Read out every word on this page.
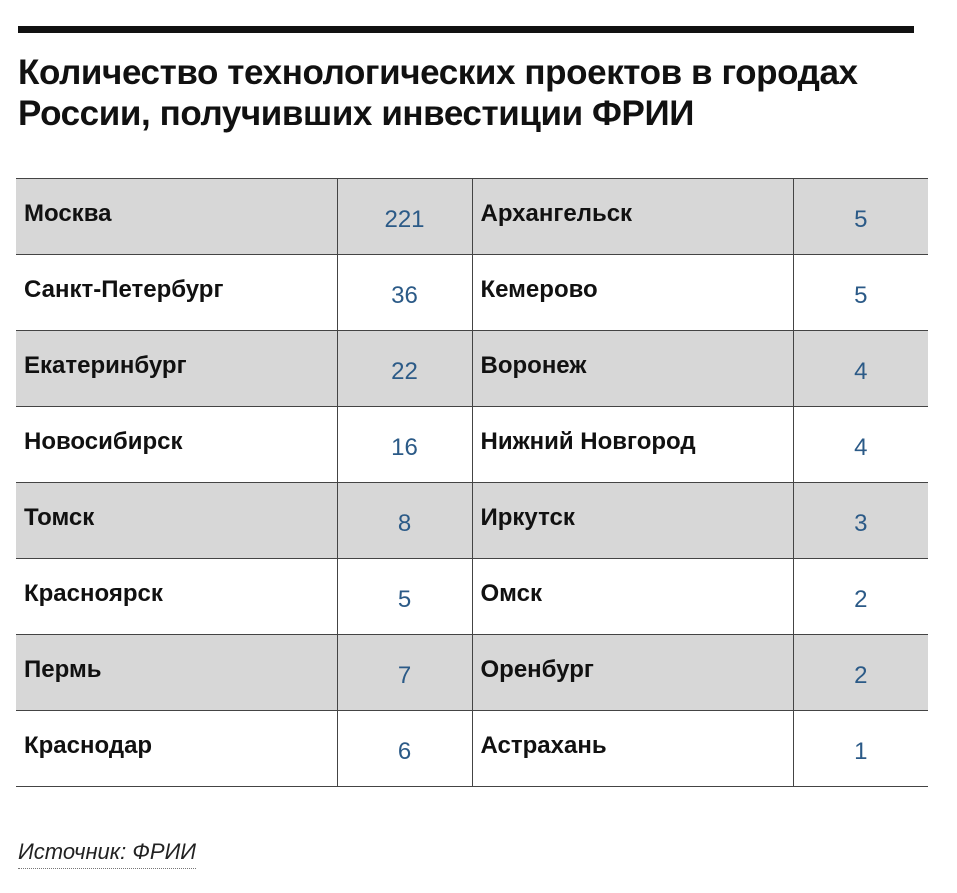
Количество технологических проектов в городах России, получивших инвестиции ФРИИ
Москва	221	Архангельск	5
Санкт-Петербург	36	Кемерово	5
Екатеринбург	22	Воронеж	4
Новосибирск	16	Нижний Новгород	4
Томск	8	Иркутск	3
Красноярск	5	Омск	2
Пермь	7	Оренбург	2
Краснодар	6	Астрахань	1
Источник: ФРИИ
